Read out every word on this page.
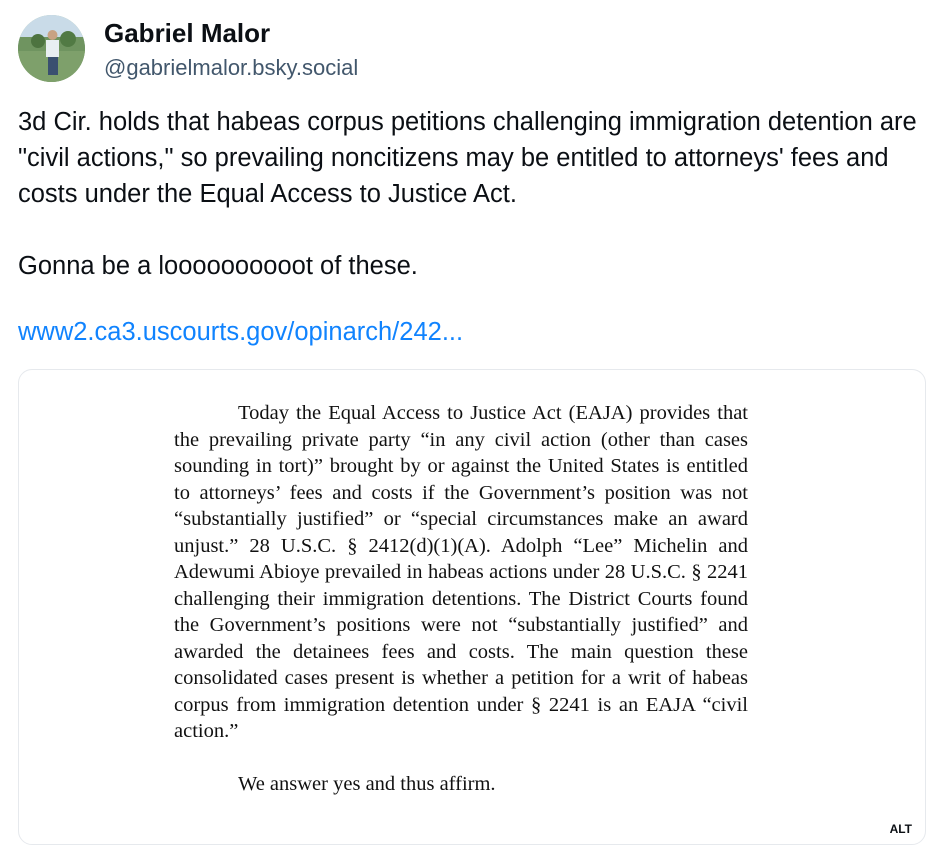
Gabriel Malor
@gabrielmalor.bsky.social

3d Cir. holds that habeas corpus petitions challenging immigration detention are "civil actions," so prevailing noncitizens may be entitled to attorneys' fees and costs under the Equal Access to Justice Act.

Gonna be a loooooooooot of these.

www2.ca3.uscourts.gov/opinarch/242...

Today the Equal Access to Justice Act (EAJA) provides that the prevailing private party “in any civil action (other than cases sounding in tort)” brought by or against the United States is entitled to attorneys’ fees and costs if the Government’s position was not “substantially justified” or “special circumstances make an award unjust.” 28 U.S.C. § 2412(d)(1)(A). Adolph “Lee” Michelin and Adewumi Abioye prevailed in habeas actions under 28 U.S.C. § 2241 challenging their immigration detentions. The District Courts found the Government’s positions were not “substantially justified” and awarded the detainees fees and costs. The main question these consolidated cases present is whether a petition for a writ of habeas corpus from immigration detention under § 2241 is an EAJA “civil action.”

We answer yes and thus affirm.

ALT
